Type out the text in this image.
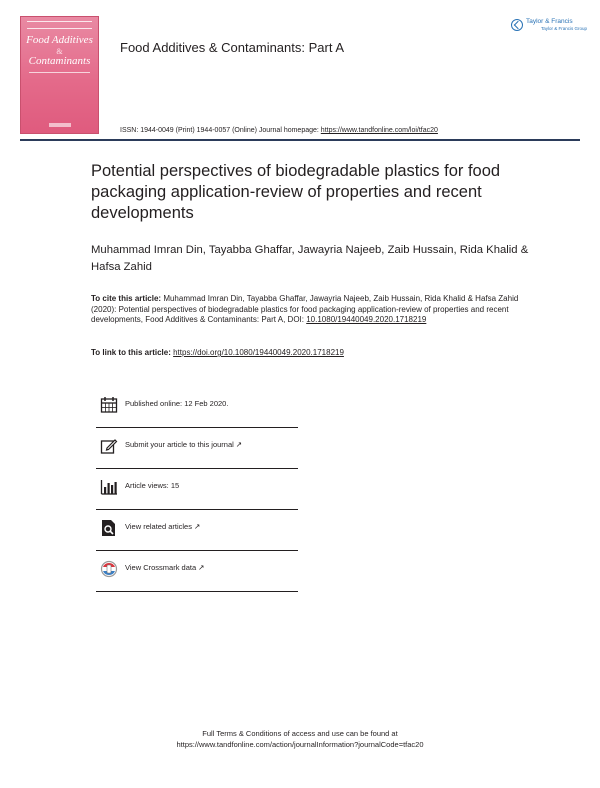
Food Additives
&
Contaminants
Food Additives & Contaminants: Part A
ISSN: 1944-0049 (Print) 1944-0057 (Online) Journal homepage: https://www.tandfonline.com/loi/tfac20
Taylor & Francis
Taylor & Francis Group
Potential perspectives of biodegradable plastics for food packaging application-review of properties and recent developments
Muhammad Imran Din, Tayabba Ghaffar, Jawayria Najeeb, Zaib Hussain, Rida Khalid & Hafsa Zahid
To cite this article: Muhammad Imran Din, Tayabba Ghaffar, Jawayria Najeeb, Zaib Hussain, Rida Khalid & Hafsa Zahid (2020): Potential perspectives of biodegradable plastics for food packaging application-review of properties and recent developments, Food Additives & Contaminants: Part A, DOI: 10.1080/19440049.2020.1718219
To link to this article: https://doi.org/10.1080/19440049.2020.1718219
Published online: 12 Feb 2020.
Submit your article to this journal ↗
Article views: 15
View related articles ↗
View Crossmark data ↗
Full Terms & Conditions of access and use can be found at
https://www.tandfonline.com/action/journalInformation?journalCode=tfac20
